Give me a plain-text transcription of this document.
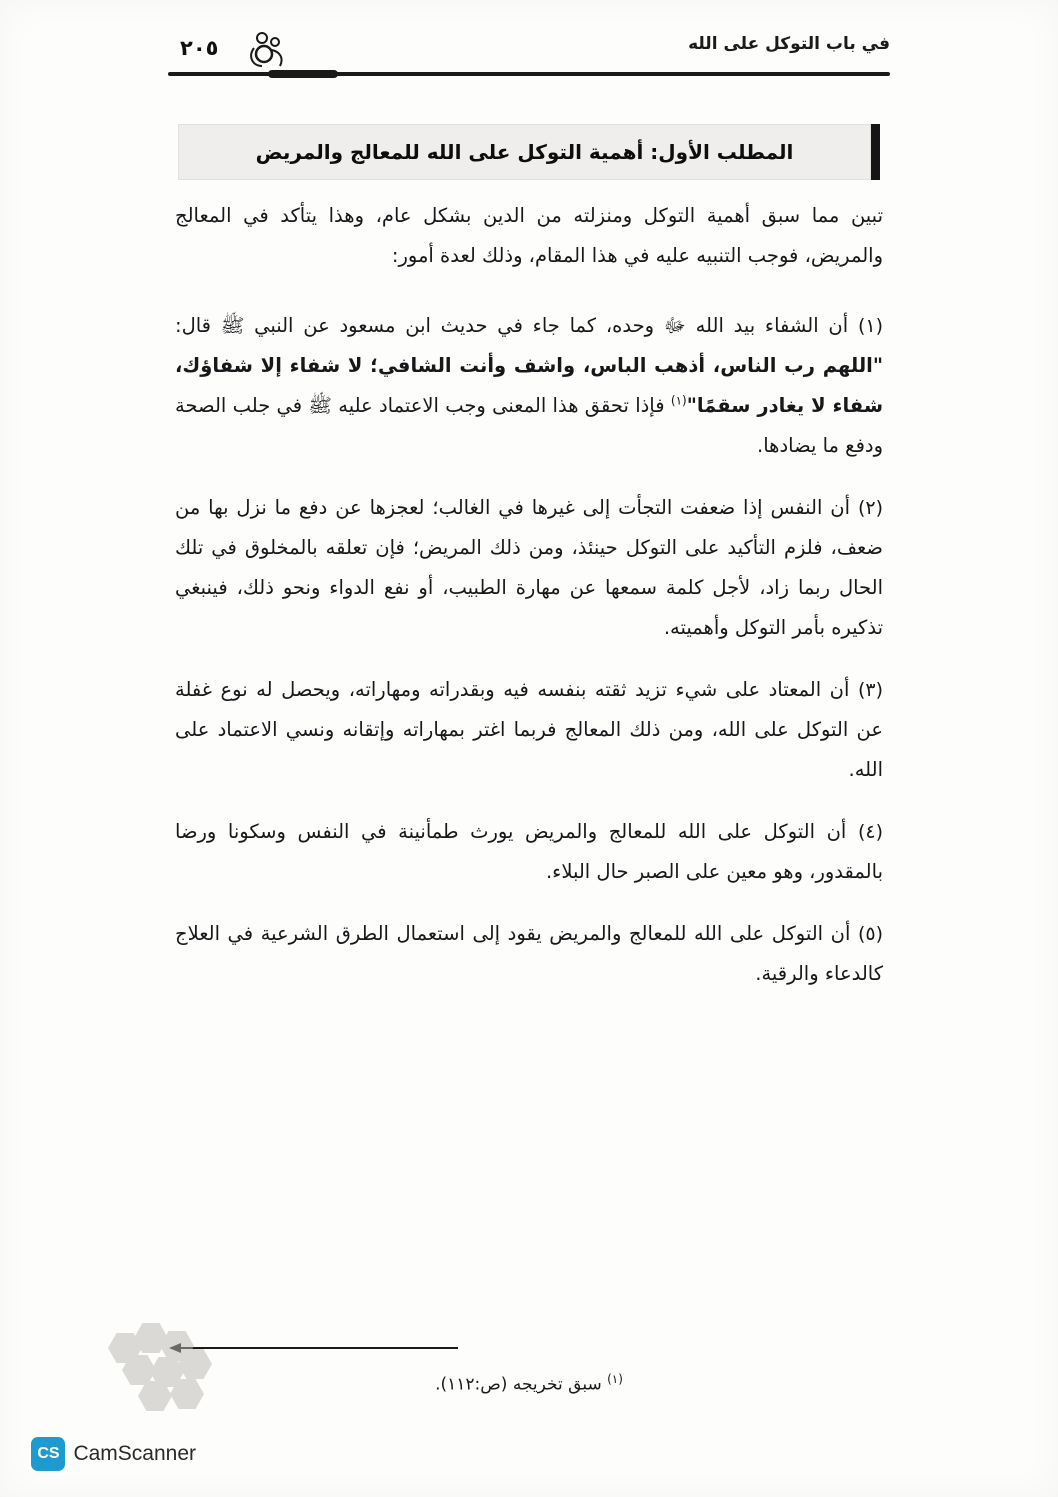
في باب التوكل على الله
٢٠٥
المطلب الأول: أهمية التوكل على الله للمعالج والمريض

تبين مما سبق أهمية التوكل ومنزلته من الدين بشكل عام، وهذا يتأكد في المعالج والمريض، فوجب التنبيه عليه في هذا المقام، وذلك لعدة أمور:

(١) أن الشفاء بيد الله ﷻ وحده، كما جاء في حديث ابن مسعود عن النبي ﷺ قال: "اللهم رب الناس، أذهب الباس، واشف وأنت الشافي؛ لا شفاء إلا شفاؤك، شفاء لا يغادر سقمًا"$^{(١)}$ فإذا تحقق هذا المعنى وجب الاعتماد عليه ﷺ في جلب الصحة ودفع ما يضادها.

(٢) أن النفس إذا ضعفت التجأت إلى غيرها في الغالب؛ لعجزها عن دفع ما نزل بها من ضعف، فلزم التأكيد على التوكل حينئذ، ومن ذلك المريض؛ فإن تعلقه بالمخلوق في تلك الحال ربما زاد، لأجل كلمة سمعها عن مهارة الطبيب، أو نفع الدواء ونحو ذلك، فينبغي تذكيره بأمر التوكل وأهميته.

(٣) أن المعتاد على شيء تزيد ثقته بنفسه فيه وبقدراته ومهاراته، ويحصل له نوع غفلة عن التوكل على الله، ومن ذلك المعالج فربما اغتر بمهاراته وإتقانه ونسي الاعتماد على الله.

(٤) أن التوكل على الله للمعالج والمريض يورث طمأنينة في النفس وسكونا ورضا بالمقدور، وهو معين على الصبر حال البلاء.

(٥) أن التوكل على الله للمعالج والمريض يقود إلى استعمال الطرق الشرعية في العلاج كالدعاء والرقية.

$^{(١)}$ سبق تخريجه (ص:١١٢).
CS CamScanner
